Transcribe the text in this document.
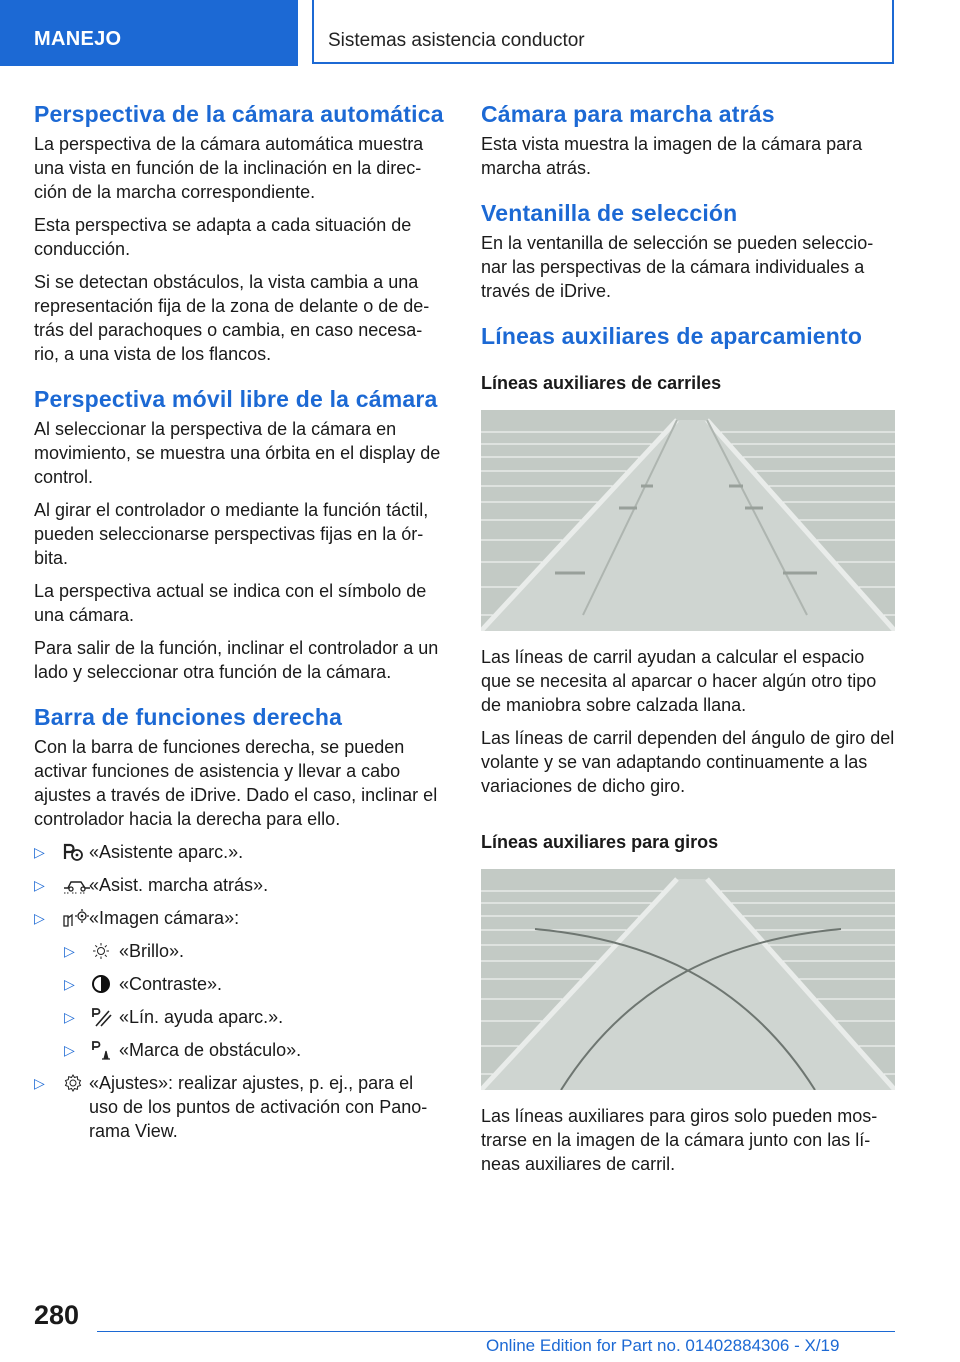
MANEJO	Sistemas asistencia conductor
Perspectiva de la cámara automática

La perspectiva de la cámara automática muestra una vista en función de la inclinación en la direc‐ción de la marcha correspondiente.

Esta perspectiva se adapta a cada situación de conducción.

Si se detectan obstáculos, la vista cambia a una representación fija de la zona de delante o de de‐trás del parachoques o cambia, en caso necesa‐rio, a una vista de los flancos.

Perspectiva móvil libre de la cámara

Al seleccionar la perspectiva de la cámara en movimiento, se muestra una órbita en el display de control.

Al girar el controlador o mediante la función táctil, pueden seleccionarse perspectivas fijas en la ór‐bita.

La perspectiva actual se indica con el símbolo de una cámara.

Para salir de la función, inclinar el controlador a un lado y seleccionar otra función de la cámara.

Barra de funciones derecha

Con la barra de funciones derecha, se pueden activar funciones de asistencia y llevar a cabo ajustes a través de iDrive. Dado el caso, inclinar el controlador hacia la derecha para ello.

▷ «Asistente aparc.».
▷ «Asist. marcha atrás».
▷ «Imagen cámara»:
▷ «Brillo».
▷ «Contraste».
▷ «Lín. ayuda aparc.».
▷ «Marca de obstáculo».
▷ «Ajustes»: realizar ajustes, p. ej., para el uso de los puntos de activación con Pano‐rama View.
Cámara para marcha atrás

Esta vista muestra la imagen de la cámara para marcha atrás.

Ventanilla de selección

En la ventanilla de selección se pueden seleccio‐nar las perspectivas de la cámara individuales a través de iDrive.

Líneas auxiliares de aparcamiento
Líneas auxiliares de carriles

Las líneas de carril ayudan a calcular el espacio que se necesita al aparcar o hacer algún otro tipo de maniobra sobre calzada llana.

Las líneas de carril dependen del ángulo de giro del volante y se van adaptando continuamente a las variaciones de dicho giro.

Líneas auxiliares para giros

Las líneas auxiliares para giros solo pueden mos‐trarse en la imagen de la cámara junto con las lí‐neas auxiliares de carril.

280
Online Edition for Part no. 01402884306 - X/19
